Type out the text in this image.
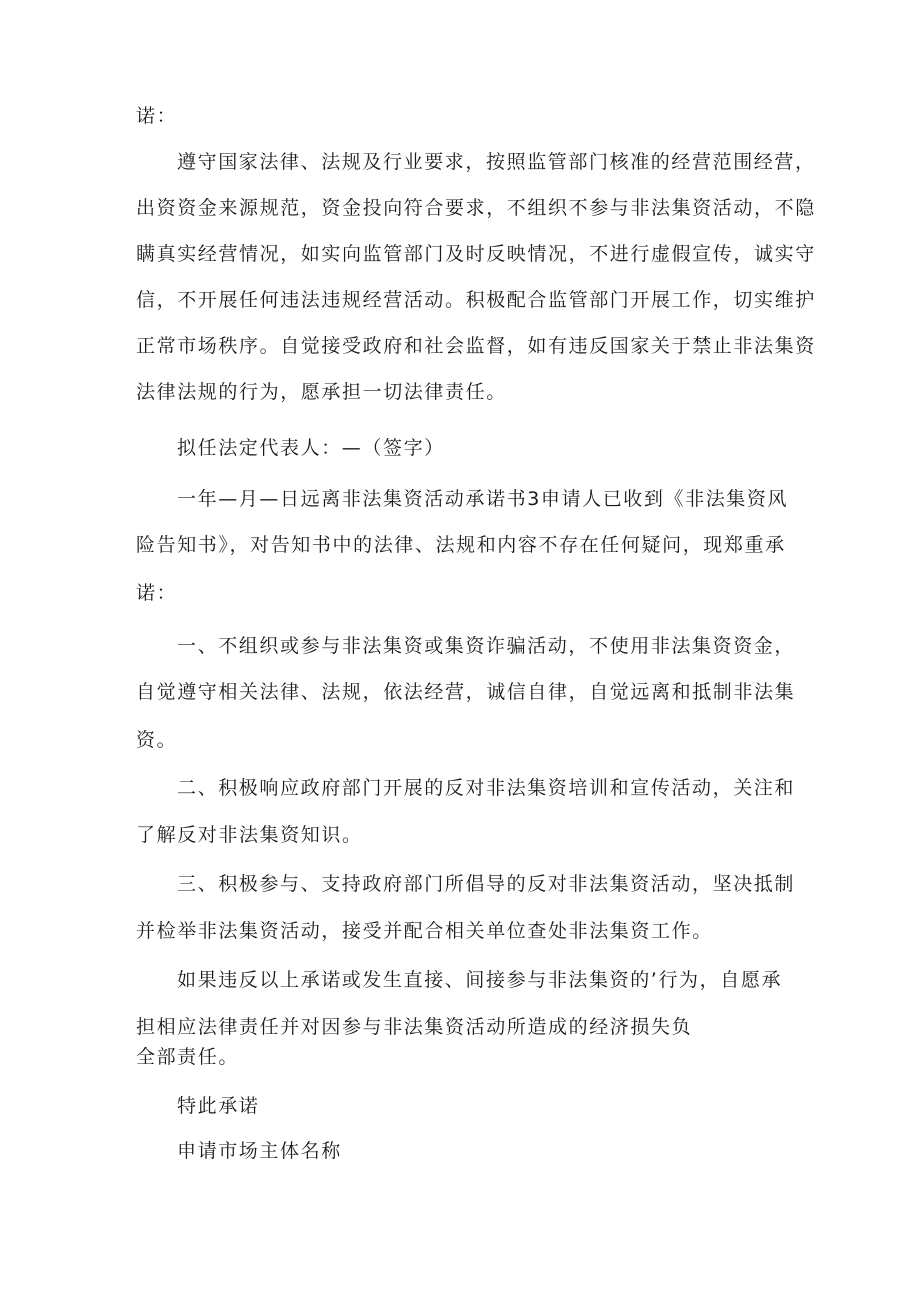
诺：
遵守国家法律、法规及行业要求，按照监管部门核准的经营范围经营，
出资资金来源规范，资金投向符合要求，不组织不参与非法集资活动，不隐
瞒真实经营情况，如实向监管部门及时反映情况，不进行虚假宣传，诚实守
信，不开展任何违法违规经营活动。积极配合监管部门开展工作，切实维护
正常市场秩序。自觉接受政府和社会监督，如有违反国家关于禁止非法集资
法律法规的行为，愿承担一切法律责任。
拟任法定代表人：—（签字）
一年—月—日远离非法集资活动承诺书3申请人已收到《非法集资风
险告知书》，对告知书中的法律、法规和内容不存在任何疑问，现郑重承
诺：
一、不组织或参与非法集资或集资诈骗活动，不使用非法集资资金，
自觉遵守相关法律、法规，依法经营，诚信自律，自觉远离和抵制非法集
资。
二、积极响应政府部门开展的反对非法集资培训和宣传活动，关注和
了解反对非法集资知识。
三、积极参与、支持政府部门所倡导的反对非法集资活动，坚决抵制
并检举非法集资活动，接受并配合相关单位查处非法集资工作。
如果违反以上承诺或发生直接、间接参与非法集资的’行为，自愿承
担相应法律责任并对因参与非法集资活动所造成的经济损失负
全部责任。
特此承诺
申请市场主体名称
